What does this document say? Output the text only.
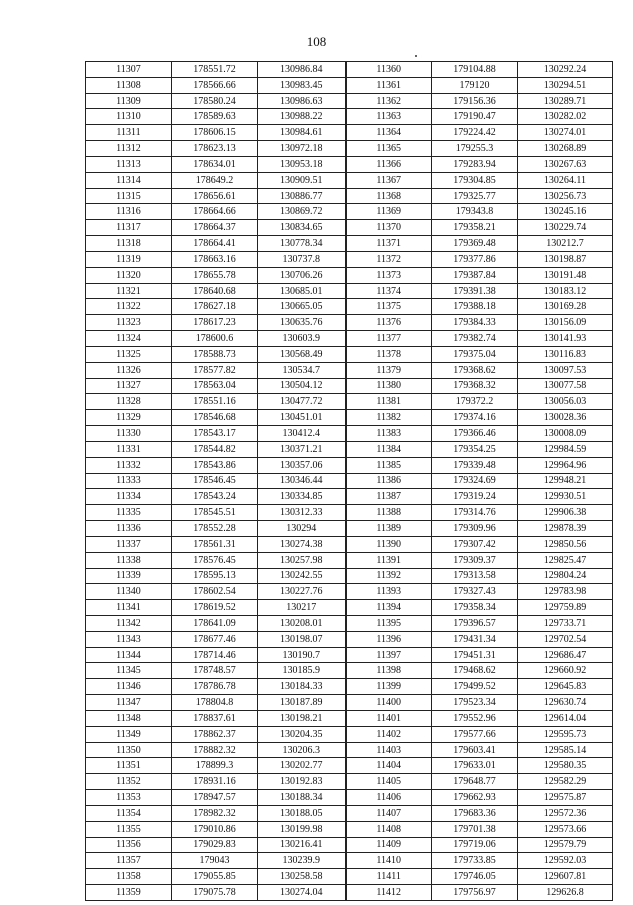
108
11307	178551.72	130986.84	11360	179104.88	130292.24
11308	178566.66	130983.45	11361	179120	130294.51
11309	178580.24	130986.63	11362	179156.36	130289.71
11310	178589.63	130988.22	11363	179190.47	130282.02
11311	178606.15	130984.61	11364	179224.42	130274.01
11312	178623.13	130972.18	11365	179255.3	130268.89
11313	178634.01	130953.18	11366	179283.94	130267.63
11314	178649.2	130909.51	11367	179304.85	130264.11
11315	178656.61	130886.77	11368	179325.77	130256.73
11316	178664.66	130869.72	11369	179343.8	130245.16
11317	178664.37	130834.65	11370	179358.21	130229.74
11318	178664.41	130778.34	11371	179369.48	130212.7
11319	178663.16	130737.8	11372	179377.86	130198.87
11320	178655.78	130706.26	11373	179387.84	130191.48
11321	178640.68	130685.01	11374	179391.38	130183.12
11322	178627.18	130665.05	11375	179388.18	130169.28
11323	178617.23	130635.76	11376	179384.33	130156.09
11324	178600.6	130603.9	11377	179382.74	130141.93
11325	178588.73	130568.49	11378	179375.04	130116.83
11326	178577.82	130534.7	11379	179368.62	130097.53
11327	178563.04	130504.12	11380	179368.32	130077.58
11328	178551.16	130477.72	11381	179372.2	130056.03
11329	178546.68	130451.01	11382	179374.16	130028.36
11330	178543.17	130412.4	11383	179366.46	130008.09
11331	178544.82	130371.21	11384	179354.25	129984.59
11332	178543.86	130357.06	11385	179339.48	129964.96
11333	178546.45	130346.44	11386	179324.69	129948.21
11334	178543.24	130334.85	11387	179319.24	129930.51
11335	178545.51	130312.33	11388	179314.76	129906.38
11336	178552.28	130294	11389	179309.96	129878.39
11337	178561.31	130274.38	11390	179307.42	129850.56
11338	178576.45	130257.98	11391	179309.37	129825.47
11339	178595.13	130242.55	11392	179313.58	129804.24
11340	178602.54	130227.76	11393	179327.43	129783.98
11341	178619.52	130217	11394	179358.34	129759.89
11342	178641.09	130208.01	11395	179396.57	129733.71
11343	178677.46	130198.07	11396	179431.34	129702.54
11344	178714.46	130190.7	11397	179451.31	129686.47
11345	178748.57	130185.9	11398	179468.62	129660.92
11346	178786.78	130184.33	11399	179499.52	129645.83
11347	178804.8	130187.89	11400	179523.34	129630.74
11348	178837.61	130198.21	11401	179552.96	129614.04
11349	178862.37	130204.35	11402	179577.66	129595.73
11350	178882.32	130206.3	11403	179603.41	129585.14
11351	178899.3	130202.77	11404	179633.01	129580.35
11352	178931.16	130192.83	11405	179648.77	129582.29
11353	178947.57	130188.34	11406	179662.93	129575.87
11354	178982.32	130188.05	11407	179683.36	129572.36
11355	179010.86	130199.98	11408	179701.38	129573.66
11356	179029.83	130216.41	11409	179719.06	129579.79
11357	179043	130239.9	11410	179733.85	129592.03
11358	179055.85	130258.58	11411	179746.05	129607.81
11359	179075.78	130274.04	11412	179756.97	129626.8
